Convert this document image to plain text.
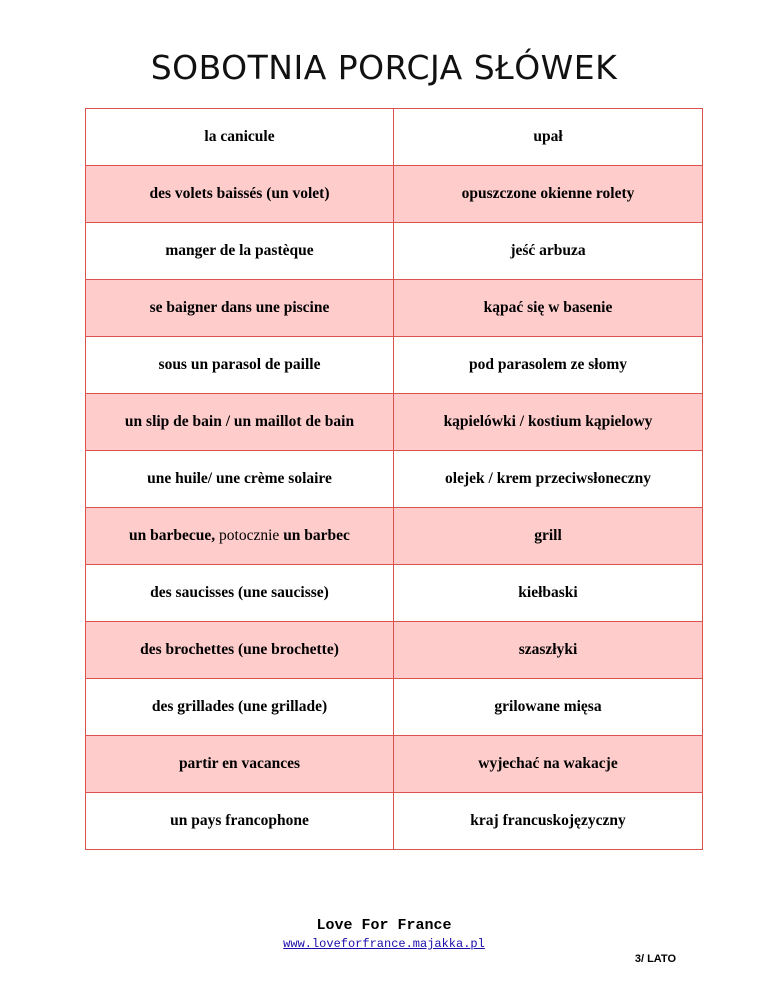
SOBOTNIA PORCJA SŁÓWEK
la canicule	upał
des volets baissés (un volet)	opuszczone okienne rolety
manger de la pastèque	jeść arbuza
se baigner dans une piscine	kąpać się w basenie
sous un parasol de paille	pod parasolem ze słomy
un slip de bain / un maillot de bain	kąpielówki / kostium kąpielowy
une huile/ une crème solaire	olejek / krem przeciwsłoneczny
un barbecue, potocznie un barbec	grill
des saucisses (une saucisse)	kiełbaski
des brochettes (une brochette)	szaszłyki
des grillades (une grillade)	grilowane mięsa
partir en vacances	wyjechać na wakacje
un pays francophone	kraj francuskojęzyczny
Love For France
www.loveforfrance.majakka.pl
3/ LATO
